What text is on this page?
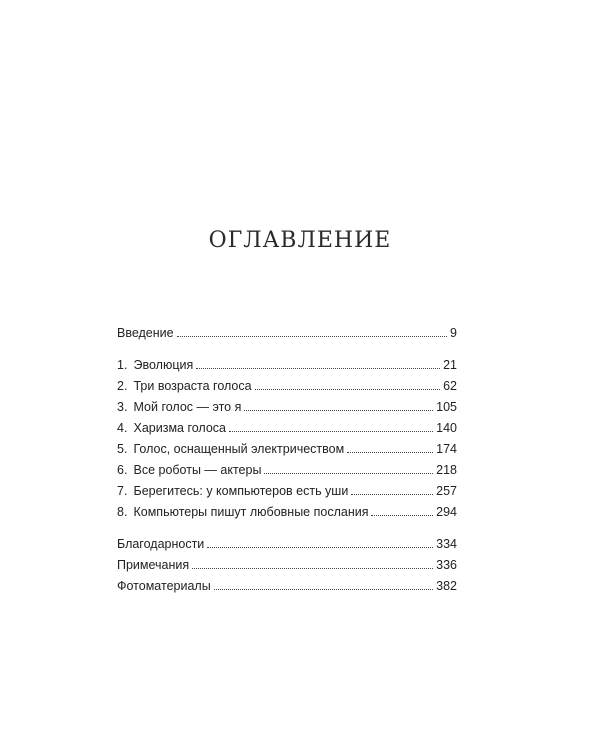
ОГЛАВЛЕНИЕ
Введение	9
1. Эволюция	21
2. Три возраста голоса	62
3. Мой голос — это я	105
4. Харизма голоса	140
5. Голос, оснащенный электричеством	174
6. Все роботы — актеры	218
7. Берегитесь: у компьютеров есть уши	257
8. Компьютеры пишут любовные послания	294
Благодарности	334
Примечания	336
Фотоматериалы	382
